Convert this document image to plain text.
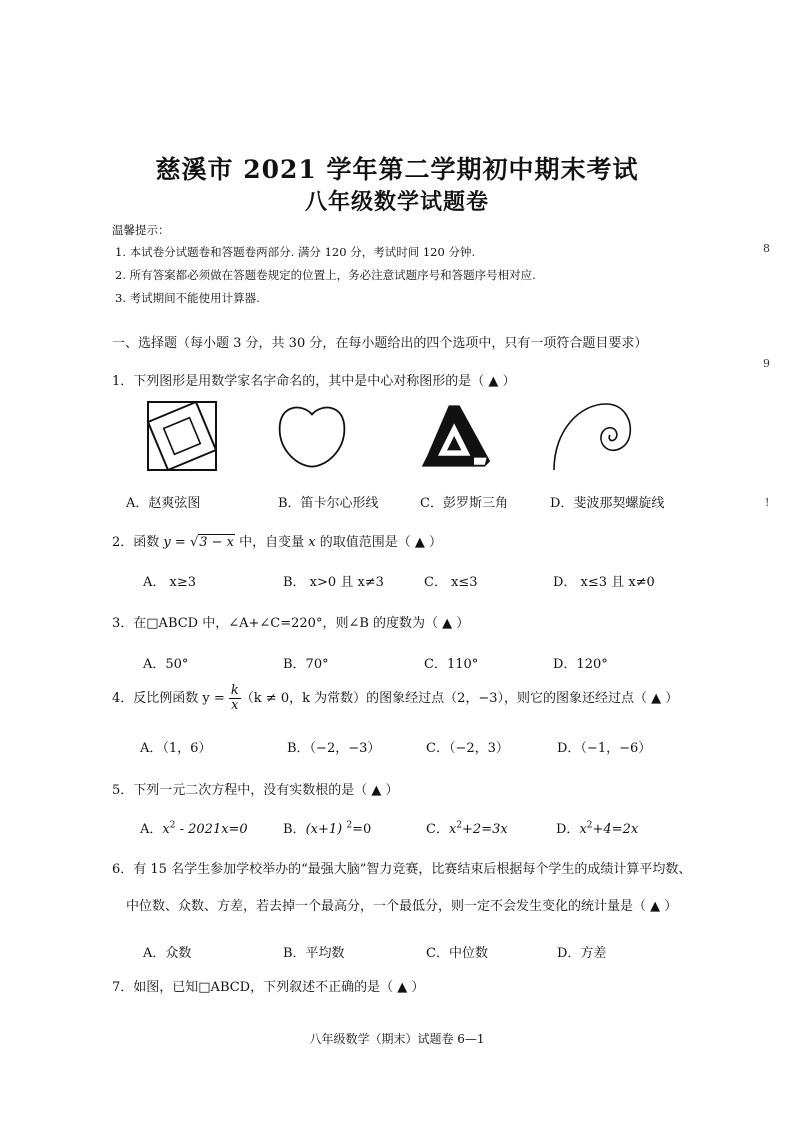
慈溪市 2021 学年第二学期初中期末考试
八年级数学试题卷
温馨提示：
1. 本试卷分试题卷和答题卷两部分. 满分 120 分，考试时间 120 分钟.
2. 所有答案都必须做在答题卷规定的位置上，务必注意试题序号和答题序号相对应.
3. 考试期间不能使用计算器.
8
9
!
一、选择题（每小题 3 分，共 30 分，在每小题给出的四个选项中，只有一项符合题目要求）
1．下列图形是用数学家名字命名的，其中是中心对称图形的是（ ▲ ）
A．赵爽弦图	B．笛卡尔心形线	C．彭罗斯三角	D．斐波那契螺旋线
2．函数 y = √3 − x 中，自变量 x 的取值范围是（ ▲ ）
A． x≥3	B． x>0 且 x≠3	C． x≤3	D． x≤3 且 x≠0
3．在□ABCD 中，∠A+∠C=220°，则∠B 的度数为（ ▲ ）
A．50°	B．70°	C．110°	D．120°
4．反比例函数 $y = \frac{k}{x} (k \ne 0$，k 为常数）的图象经过点（2，−3），则它的图象还经过点（ ▲ ）
A．（1，6）	B．（−2，−3）	C．（−2，3）	D．（−1，−6）
5．下列一元二次方程中，没有实数根的是（ ▲ ）
A．$x^2 - 2021x=0$	B．(x+1) $^2$=0	C．$x^2+2=3x$	D．$x^2+4=2x$
6．有 15 名学生参加学校举办的“最强大脑”智力竞赛，比赛结束后根据每个学生的成绩计算平均数、
中位数、众数、方差，若去掉一个最高分，一个最低分，则一定不会发生变化的统计量是（ ▲ ）
A．众数	B．平均数	C．中位数	D．方差
7．如图，已知□ABCD，下列叙述不正确的是（ ▲ ）
八年级数学（期末）试题卷 6—1
